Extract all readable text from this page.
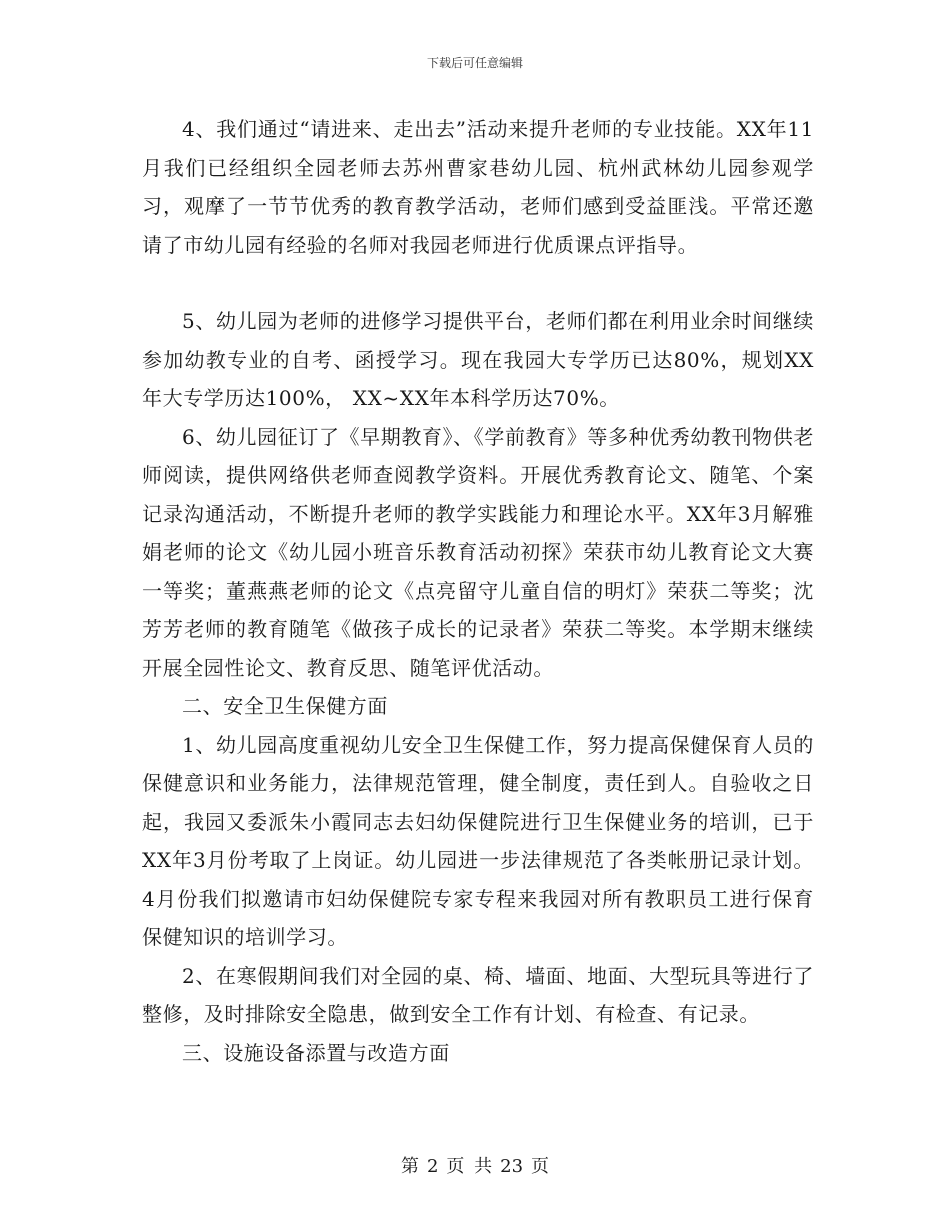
下载后可任意编辑

4、我们通过“请进来、走出去”活动来提升老师的专业技能。XX年11月我们已经组织全园老师去苏州曹家巷幼儿园、杭州武林幼儿园参观学习，观摩了一节节优秀的教育教学活动，老师们感到受益匪浅。平常还邀请了市幼儿园有经验的名师对我园老师进行优质课点评指导。

5、幼儿园为老师的进修学习提供平台，老师们都在利用业余时间继续参加幼教专业的自考、函授学习。现在我园大专学历已达80%，规划XX年大专学历达100%， XX~XX年本科学历达70%。

6、幼儿园征订了《早期教育》、《学前教育》等多种优秀幼教刊物供老师阅读，提供网络供老师查阅教学资料。开展优秀教育论文、随笔、个案记录沟通活动，不断提升老师的教学实践能力和理论水平。XX年3月解雅娟老师的论文《幼儿园小班音乐教育活动初探》荣获市幼儿教育论文大赛一等奖；董燕燕老师的论文《点亮留守儿童自信的明灯》荣获二等奖；沈芳芳老师的教育随笔《做孩子成长的记录者》荣获二等奖。本学期末继续开展全园性论文、教育反思、随笔评优活动。

二、安全卫生保健方面

1、幼儿园高度重视幼儿安全卫生保健工作，努力提高保健保育人员的保健意识和业务能力，法律规范管理，健全制度，责任到人。自验收之日起，我园又委派朱小霞同志去妇幼保健院进行卫生保健业务的培训，已于XX年3月份考取了上岗证。幼儿园进一步法律规范了各类帐册记录计划。4月份我们拟邀请市妇幼保健院专家专程来我园对所有教职员工进行保育保健知识的培训学习。

2、在寒假期间我们对全园的桌、椅、墙面、地面、大型玩具等进行了整修，及时排除安全隐患，做到安全工作有计划、有检查、有记录。

三、设施设备添置与改造方面

第 2 页 共 23 页
